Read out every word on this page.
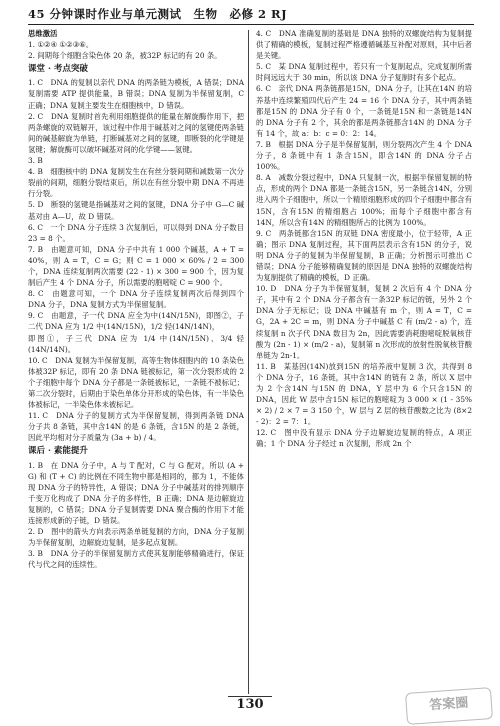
45 分钟课时作业与单元测试　生物　必修 2 RJ

思维激活

1. ①②④ ①②③⑥。

2. 间期每个细胞含染色体 20 条，被32P 标记的有 20 条。

课堂 · 考点突破

1. C　DNA 的复制以亲代 DNA 的两条链为模板，A 错误；DNA 复制需要 ATP 提供能量，B 错误；DNA 复制为半保留复制，C 正确；DNA 复制主要发生在细胞核中，D 错误。

2. C　DNA 复制时首先利用细胞提供的能量在解旋酶作用下，把两条螺旋的双链解开，该过程中作用于碱基对之间的氢键使两条链间的碱基解旋为单链，打断碱基对之间的氢键，即断裂的化学键是氢键；解旋酶可以破坏碱基对间的化学键——氢键。

3. B

4. B　细胞核中的 DNA 复制发生在有丝分裂间期和减数第一次分裂前的间期，细胞分裂结束后，所以在有丝分裂中期 DNA 不再进行分裂。

5. D　断裂的氢键是指碱基对之间的氢键，DNA 分子中 G—C 碱基对由 A—U，故 D 错误。

6. C　一个 DNA 分子连续 3 次复制后，可以得到 DNA 分子数目 23 = 8 个。

7. B　由题意可知，DNA 分子中共有 1 000 个碱基，A + T = 40%，则 A = T，C = G；则 C = 1 000 × 60% / 2 = 300 个，DNA 连续复制两次需要 (22 - 1) × 300 = 900 个，因为复制后产生 4 个 DNA 分子，所以需要的胞嘧啶 C = 900 个。

8. C　由题意可知，一个 DNA 分子连续复制两次后得到四个 DNA 分子，DNA 复制方式为半保留复制。

9. C　由题意，子一代 DNA 应全为中(14N/15N)，即图②，子二代 DNA 应为 1/2 中(14N/15N)，1/2 轻(14N/14N)，

即图①，子三代 DNA 应为 1/4 中(14N/15N)、3/4 轻(14N/14N)。

10. C　DNA 复制为半保留复制，高等生物体细胞内的 10 条染色体被32P 标记，即有 20 条 DNA 链被标记，第一次分裂形成的 2 个子细胞中每个 DNA 分子都是一条链被标记，一条链不被标记；第二次分裂时，后期由于染色单体分开形成的染色体，有一半染色体被标记，一半染色体未被标记。

11. C　DNA 分子的复制方式为半保留复制，得到两条链 DNA 分子共 8 条链，其中含14N 的是 6 条链，含15N 的是 2 条链，因此平均相对分子质量为 (3a + b) / 4。

课后 · 素能提升

1. B　在 DNA 分子中，A 与 T 配对，C 与 G 配对，所以 (A + G) 和 (T + C) 的比例在不同生物中都是相同的，都为 1，不能体现 DNA 分子的特异性，A 错误；DNA 分子中碱基对的排列顺序千变万化构成了 DNA 分子的多样性，B 正确；DNA 是边解旋边复制的，C 错误；DNA 分子复制需要 DNA 聚合酶的作用下才能连接形成新的子链，D 错误。

2. D　图中的箭头方向表示两条单链复制的方向，DNA 分子复制为半保留复制，边解旋边复制，是多起点复制。

3. B　DNA 分子的半保留复制方式使其复制能够精确进行，保证代与代之间的连续性。

4. C　DNA 准确复制的基础是 DNA 独特的双螺旋结构为复制提供了精确的模板，复制过程严格遵循碱基互补配对原则，其中后者是关键。

5. C　某 DNA 复制过程中，若只有一个复制起点，完成复制所需时间远远大于 30 min，所以该 DNA 分子复制时有多个起点。

6. C　亲代 DNA 两条链都是15N，DNA 分子，让其在14N 的培养基中连续繁殖四代后产生 24 = 16 个 DNA 分子，其中两条链都是15N 的 DNA 分子有 0 个，一条链是15N 和一条链是14N 的 DNA 分子有 2 个，其余的都是两条链都含14N 的 DNA 分子有 14 个，故 a：b：c = 0：2：14。

7. B　根据 DNA 分子是半保留复制，则分裂两次产生 4 个 DNA 分子，8 条链中有 1 条含15N，即含14N 的 DNA 分子占 100%。

8. A　减数分裂过程中，DNA 只复制一次，根据半保留复制的特点，形成的两个 DNA 都是一条链含15N，另一条链含14N，分别进入两个子细胞中，所以一个精原细胞形成的四个子细胞中都含有15N，含有15N 的精细胞占 100%；而每个子细胞中都含有14N，所以含有14N 的精细胞所占的比例为 100%。

9. C　两条链都含15N 的双链 DNA 密度最小，位于轻带，A 正确；图示 DNA 复制过程，其下面两层表示含有15N 的分子，说明 DNA 分子的复制为半保留复制，B 正确；分析图示可推出 C 错误；DNA 分子能够精确复制的原因是 DNA 独特的双螺旋结构为复制提供了精确的模板，D 正确。

10. D　DNA 分子为半保留复制，复制 2 次后有 4 个 DNA 分子，其中有 2 个 DNA 分子都含有一条32P 标记的链，另外 2 个 DNA 分子无标记；设 DNA 中碱基有 m 个，则 A = T，C = G，2A + 2C = m，则 DNA 分子中碱基 C 有 (m/2 - a) 个，连续复制 n 次子代 DNA 数目为 2n，因此需要消耗胞嘧啶脱氧核苷酸为 (2n - 1) × (m/2 - a)，复制第 n 次形成的放射性脱氧核苷酸单链为 2n-1。

11. B　某基因(14N)放到15N 的培养液中复制 3 次，共得到 8 个 DNA 分子，16 条链，其中含14N 的链有 2 条，所以 X 层中为 2 个含14N 与15N 的 DNA，Y 层中为 6 个只含15N 的 DNA，因此 W 层中含15N 标记的胞嘧啶为 3 000 × (1 - 35% × 2) / 2 × 7 = 3 150 个，W 层与 Z 层的核苷酸数之比为 (8×2 - 2)：2 = 7：1。

12. C　图中没有显示 DNA 分子边解旋边复制的特点，A 项正确；1 个 DNA 分子经过 n 次复制，形成 2n 个

130	答案圈
